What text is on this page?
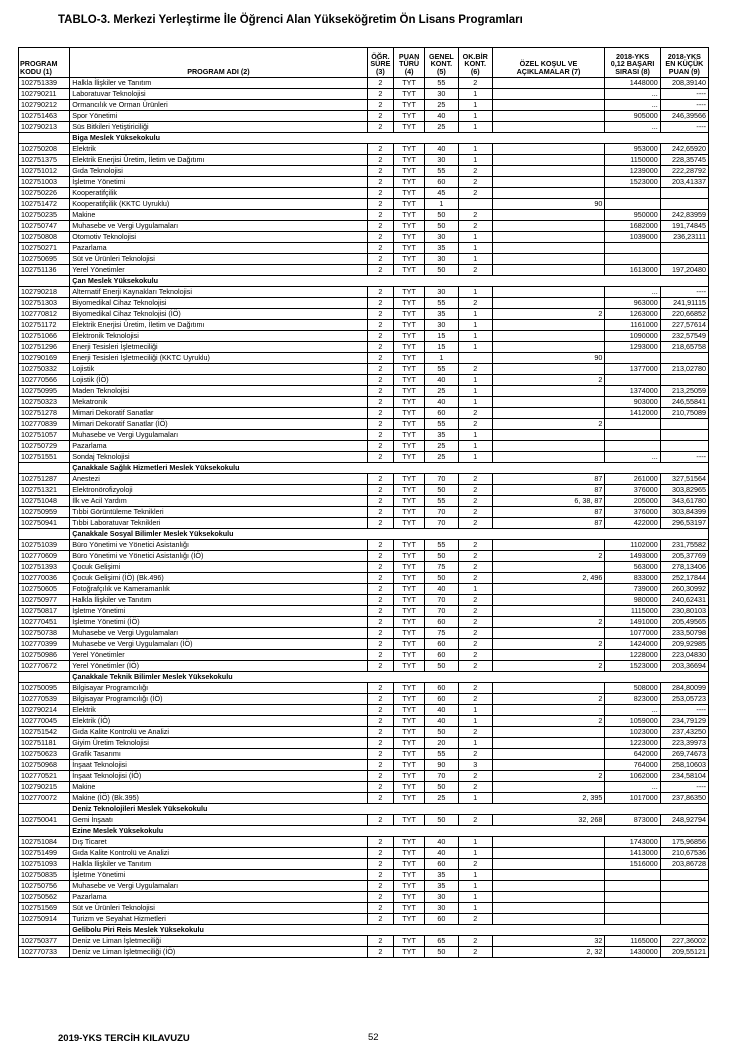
TABLO-3. Merkezi Yerleştirme İle Öğrenci Alan Yükseköğretim Ön Lisans Programları
PROGRAM
KODU (1)	PROGRAM ADI (2)	ÖĞR.
SÜRE
(3)	PUAN
TÜRÜ
(4)	GENEL
KONT.
(5)	OK.BİR
KONT.
(6)	ÖZEL KOŞUL VE
AÇIKLAMALAR (7)	2018-YKS
0,12 BAŞARI
SIRASI (8)	2018-YKS
EN KÜÇÜK
PUAN (9)
102751339	Halkla İlişkiler ve Tanıtım	2	TYT	55	2		1448000	208,39140
102790211	Laboratuvar Teknolojisi	2	TYT	30	1		...	----
102790212	Ormancılık ve Orman Ürünleri	2	TYT	25	1		...	----
102751463	Spor Yönetimi	2	TYT	40	1		905000	246,39566
102790213	Süs Bitkileri Yetiştiriciliği	2	TYT	25	1		...	----
	Biga Meslek Yüksekokulu							
102750208	Elektrik	2	TYT	40	1		953000	242,65920
102751375	Elektrik Enerjisi Üretim, İletim ve Dağıtımı	2	TYT	30	1		1150000	228,35745
102751012	Gıda Teknolojisi	2	TYT	55	2		1239000	222,28792
102751003	İşletme Yönetimi	2	TYT	60	2		1523000	203,41337
102750226	Kooperatifçilik	2	TYT	45	2			
102751472	Kooperatifçilik (KKTC Uyruklu)	2	TYT	1		90		
102750235	Makine	2	TYT	50	2		950000	242,83959
102750747	Muhasebe ve Vergi Uygulamaları	2	TYT	50	2		1682000	191,74845
102750808	Otomotiv Teknolojisi	2	TYT	30	1		1039000	236,23111
102750271	Pazarlama	2	TYT	35	1			
102750695	Süt ve Ürünleri Teknolojisi	2	TYT	30	1			
102751136	Yerel Yönetimler	2	TYT	50	2		1613000	197,20480
	Çan Meslek Yüksekokulu							
102790218	Alternatif Enerji Kaynakları Teknolojisi	2	TYT	30	1		...	----
102751303	Biyomedikal Cihaz Teknolojisi	2	TYT	55	2		963000	241,91115
102770812	Biyomedikal Cihaz Teknolojisi (İÖ)	2	TYT	35	1	2	1263000	220,66852
102751172	Elektrik Enerjisi Üretim, İletim ve Dağıtımı	2	TYT	30	1		1161000	227,57614
102751066	Elektronik Teknolojisi	2	TYT	15	1		1090000	232,57549
102751296	Enerji Tesisleri İşletmeciliği	2	TYT	15	1		1293000	218,65758
102790169	Enerji Tesisleri İşletmeciliği (KKTC Uyruklu)	2	TYT	1		90		
102750332	Lojistik	2	TYT	55	2		1377000	213,02780
102770566	Lojistik (İÖ)	2	TYT	40	1	2		
102750995	Maden Teknolojisi	2	TYT	25	1		1374000	213,25059
102750323	Mekatronik	2	TYT	40	1		903000	246,55841
102751278	Mimari Dekoratif Sanatlar	2	TYT	60	2		1412000	210,75089
102770839	Mimari Dekoratif Sanatlar (İÖ)	2	TYT	55	2	2		
102751057	Muhasebe ve Vergi Uygulamaları	2	TYT	35	1			
102750729	Pazarlama	2	TYT	25	1			
102751551	Sondaj Teknolojisi	2	TYT	25	1		...	----
	Çanakkale Sağlık Hizmetleri Meslek Yüksekokulu							
102751287	Anestezi	2	TYT	70	2	87	261000	327,51564
102751321	Elektronörofizyoloji	2	TYT	50	2	87	376000	303,82965
102751048	İlk ve Acil Yardım	2	TYT	55	2	6, 38, 87	205000	343,61780
102750959	Tıbbi Görüntüleme Teknikleri	2	TYT	70	2	87	376000	303,84399
102750941	Tıbbi Laboratuvar Teknikleri	2	TYT	70	2	87	422000	296,53197
	Çanakkale Sosyal Bilimler Meslek Yüksekokulu							
102751039	Büro Yönetimi ve Yönetici Asistanlığı	2	TYT	55	2		1102000	231,75582
102770609	Büro Yönetimi ve Yönetici Asistanlığı (İÖ)	2	TYT	50	2	2	1493000	205,37769
102751393	Çocuk Gelişimi	2	TYT	75	2		563000	278,13406
102770036	Çocuk Gelişimi (İÖ) (Bk.496)	2	TYT	50	2	2, 496	833000	252,17844
102750605	Fotoğrafçılık ve Kameramanlık	2	TYT	40	1		739000	260,30992
102750977	Halkla İlişkiler ve Tanıtım	2	TYT	70	2		980000	240,62431
102750817	İşletme Yönetimi	2	TYT	70	2		1115000	230,80103
102770451	İşletme Yönetimi (İÖ)	2	TYT	60	2	2	1491000	205,49565
102750738	Muhasebe ve Vergi Uygulamaları	2	TYT	75	2		1077000	233,50798
102770399	Muhasebe ve Vergi Uygulamaları (İÖ)	2	TYT	60	2	2	1424000	209,92985
102750986	Yerel Yönetimler	2	TYT	60	2		1228000	223,04830
102770672	Yerel Yönetimler (İÖ)	2	TYT	50	2	2	1523000	203,36694
	Çanakkale Teknik Bilimler Meslek Yüksekokulu							
102750095	Bilgisayar Programcılığı	2	TYT	60	2		508000	284,80099
102770539	Bilgisayar Programcılığı (İÖ)	2	TYT	60	2	2	823000	253,05723
102790214	Elektrik	2	TYT	40	1		...	----
102770045	Elektrik (İÖ)	2	TYT	40	1	2	1059000	234,79129
102751542	Gıda Kalite Kontrolü ve Analizi	2	TYT	50	2		1023000	237,43250
102751181	Giyim Üretim Teknolojisi	2	TYT	20	1		1223000	223,39973
102750623	Grafik Tasarımı	2	TYT	55	2		642000	269,74673
102750968	İnşaat Teknolojisi	2	TYT	90	3		764000	258,10603
102770521	İnşaat Teknolojisi (İÖ)	2	TYT	70	2	2	1062000	234,58104
102790215	Makine	2	TYT	50	2		...	----
102770072	Makine (İÖ) (Bk.395)	2	TYT	25	1	2, 395	1017000	237,86350
	Deniz Teknolojileri Meslek Yüksekokulu							
102750041	Gemi İnşaatı	2	TYT	50	2	32, 268	873000	248,92794
	Ezine Meslek Yüksekokulu							
102751084	Dış Ticaret	2	TYT	40	1		1743000	175,96856
102751499	Gıda Kalite Kontrolü ve Analizi	2	TYT	40	1		1413000	210,67536
102751093	Halkla İlişkiler ve Tanıtım	2	TYT	60	2		1516000	203,86728
102750835	İşletme Yönetimi	2	TYT	35	1			
102750756	Muhasebe ve Vergi Uygulamaları	2	TYT	35	1			
102750562	Pazarlama	2	TYT	30	1			
102751569	Süt ve Ürünleri Teknolojisi	2	TYT	30	1			
102750914	Turizm ve Seyahat Hizmetleri	2	TYT	60	2			
	Gelibolu Piri Reis Meslek Yüksekokulu							
102750377	Deniz ve Liman İşletmeciliği	2	TYT	65	2	32	1165000	227,36002
102770733	Deniz ve Liman İşletmeciliği (İÖ)	2	TYT	50	2	2, 32	1430000	209,55121
2019-YKS TERCİH KILAVUZU	52
